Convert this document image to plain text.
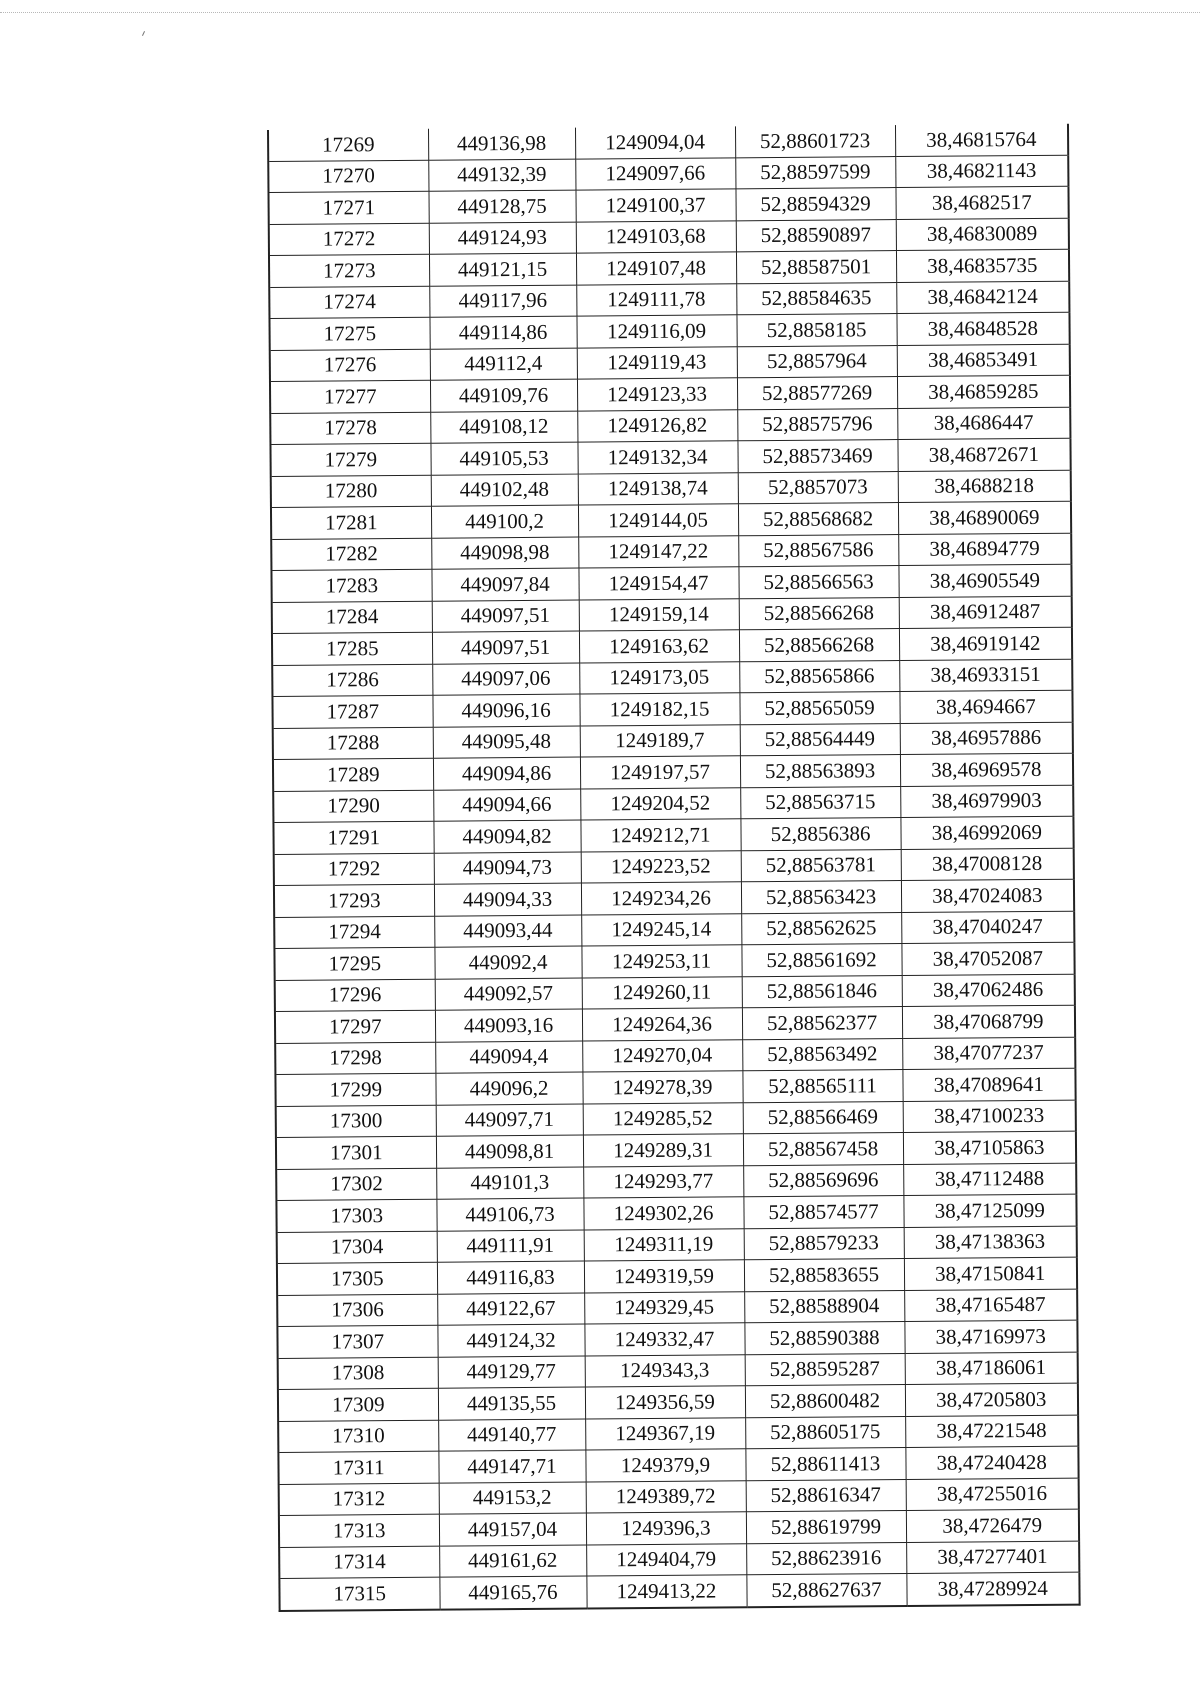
17269	449136,98	1249094,04	52,88601723	38,46815764
17270	449132,39	1249097,66	52,88597599	38,46821143
17271	449128,75	1249100,37	52,88594329	38,4682517
17272	449124,93	1249103,68	52,88590897	38,46830089
17273	449121,15	1249107,48	52,88587501	38,46835735
17274	449117,96	1249111,78	52,88584635	38,46842124
17275	449114,86	1249116,09	52,8858185	38,46848528
17276	449112,4	1249119,43	52,8857964	38,46853491
17277	449109,76	1249123,33	52,88577269	38,46859285
17278	449108,12	1249126,82	52,88575796	38,4686447
17279	449105,53	1249132,34	52,88573469	38,46872671
17280	449102,48	1249138,74	52,8857073	38,4688218
17281	449100,2	1249144,05	52,88568682	38,46890069
17282	449098,98	1249147,22	52,88567586	38,46894779
17283	449097,84	1249154,47	52,88566563	38,46905549
17284	449097,51	1249159,14	52,88566268	38,46912487
17285	449097,51	1249163,62	52,88566268	38,46919142
17286	449097,06	1249173,05	52,88565866	38,46933151
17287	449096,16	1249182,15	52,88565059	38,4694667
17288	449095,48	1249189,7	52,88564449	38,46957886
17289	449094,86	1249197,57	52,88563893	38,46969578
17290	449094,66	1249204,52	52,88563715	38,46979903
17291	449094,82	1249212,71	52,8856386	38,46992069
17292	449094,73	1249223,52	52,88563781	38,47008128
17293	449094,33	1249234,26	52,88563423	38,47024083
17294	449093,44	1249245,14	52,88562625	38,47040247
17295	449092,4	1249253,11	52,88561692	38,47052087
17296	449092,57	1249260,11	52,88561846	38,47062486
17297	449093,16	1249264,36	52,88562377	38,47068799
17298	449094,4	1249270,04	52,88563492	38,47077237
17299	449096,2	1249278,39	52,88565111	38,47089641
17300	449097,71	1249285,52	52,88566469	38,47100233
17301	449098,81	1249289,31	52,88567458	38,47105863
17302	449101,3	1249293,77	52,88569696	38,47112488
17303	449106,73	1249302,26	52,88574577	38,47125099
17304	449111,91	1249311,19	52,88579233	38,47138363
17305	449116,83	1249319,59	52,88583655	38,47150841
17306	449122,67	1249329,45	52,88588904	38,47165487
17307	449124,32	1249332,47	52,88590388	38,47169973
17308	449129,77	1249343,3	52,88595287	38,47186061
17309	449135,55	1249356,59	52,88600482	38,47205803
17310	449140,77	1249367,19	52,88605175	38,47221548
17311	449147,71	1249379,9	52,88611413	38,47240428
17312	449153,2	1249389,72	52,88616347	38,47255016
17313	449157,04	1249396,3	52,88619799	38,4726479
17314	449161,62	1249404,79	52,88623916	38,47277401
17315	449165,76	1249413,22	52,88627637	38,47289924
